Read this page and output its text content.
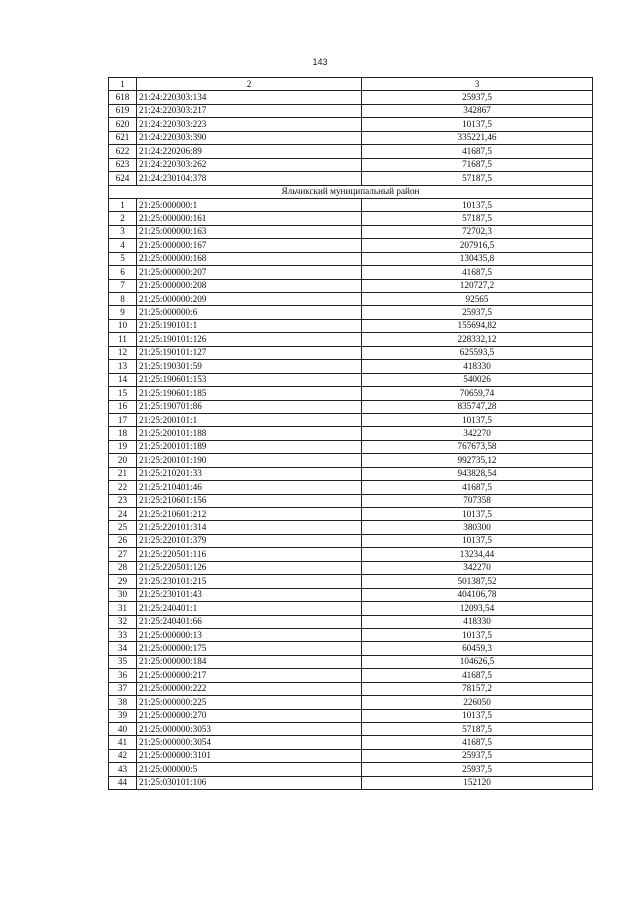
143
1	2	3
618	21:24:220303:134	25937,5
619	21:24:220303:217	342867
620	21:24:220303:223	10137,5
621	21:24:220303:390	335221,46
622	21:24:220206:89	41687,5
623	21:24:220303:262	71687,5
624	21:24:230104:378	57187,5
Яльчикский муниципальный район		
1	21:25:000000:1	10137,5
2	21:25:000000:161	57187,5
3	21:25:000000:163	72702,3
4	21:25:000000:167	207916,5
5	21:25:000000:168	130435,8
6	21:25:000000:207	41687,5
7	21:25:000000:208	120727,2
8	21:25:000000:209	92565
9	21:25:000000:6	25937,5
10	21:25:190101:1	155694,82
11	21:25:190101:126	228332,12
12	21:25:190101:127	625593,5
13	21:25:190301:59	418330
14	21:25:190601:153	540026
15	21:25:190601:185	70659,74
16	21:25:190701:86	835747,28
17	21:25:200101:1	10137,5
18	21:25:200101:188	342270
19	21:25:200101:189	767673,58
20	21:25:200101:190	992735,12
21	21:25:210201:33	943828,54
22	21:25:210401:46	41687,5
23	21:25:210601:156	707358
24	21:25:210601:212	10137,5
25	21:25:220101:314	380300
26	21:25:220101:379	10137,5
27	21:25:220501:116	13234,44
28	21:25:220501:126	342270
29	21:25:230101:215	501387,52
30	21:25:230101:43	404106,78
31	21:25:240401:1	12093,54
32	21:25:240401:66	418330
33	21:25:000000:13	10137,5
34	21:25:000000:175	60459,3
35	21:25:000000:184	104626,5
36	21:25:000000:217	41687,5
37	21:25:000000:222	78157,2
38	21:25:000000:225	226050
39	21:25:000000:270	10137,5
40	21:25:000000:3053	57187,5
41	21:25:000000:3054	41687,5
42	21:25:000000:3101	25937,5
43	21:25:000000:5	25937,5
44	21:25:030101:106	152120
